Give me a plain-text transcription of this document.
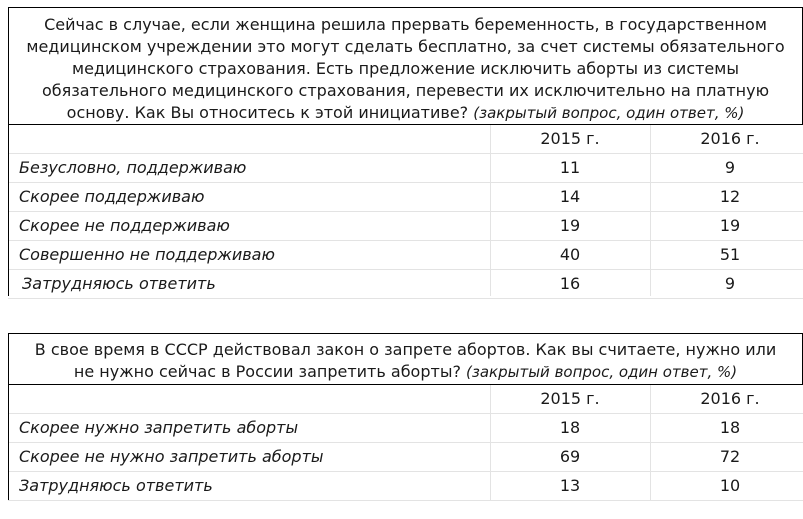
Сейчас в случае, если женщина решила прервать беременность, в государственном медицинском учреждении это могут сделать бесплатно, за счет системы обязательного медицинского страхования. Есть предложение исключить аборты из системы обязательного медицинского страхования, перевести их исключительно на платную основу. Как Вы относитесь к этой инициативе? (закрытый вопрос, один ответ, %)
2015 г.	2016 г.
Безусловно, поддерживаю	11	9
Скорее поддерживаю	14	12
Скорее не поддерживаю	19	19
Совершенно не поддерживаю	40	51
Затрудняюсь ответить	16	9
В свое время в СССР действовал закон о запрете абортов. Как вы считаете, нужно или не нужно сейчас в России запретить аборты? (закрытый вопрос, один ответ, %)
2015 г.	2016 г.
Скорее нужно запретить аборты	18	18
Скорее не нужно запретить аборты	69	72
Затрудняюсь ответить	13	10
